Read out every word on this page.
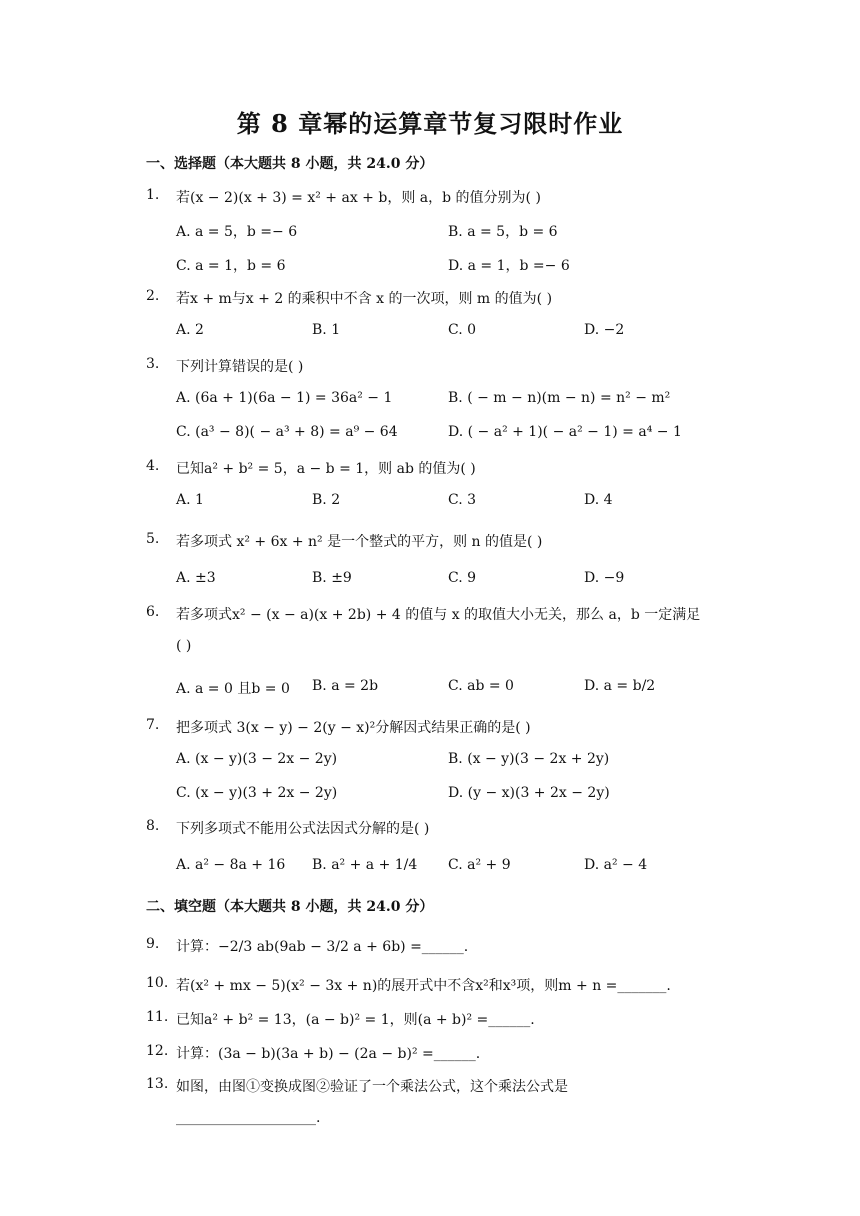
第 8 章幂的运算章节复习限时作业
一、选择题（本大题共 8 小题，共 24.0 分）
1. 若(x − 2)(x + 3) = x² + ax + b，则 a，b 的值分别为( )
A. a = 5，b =− 6	B. a = 5，b = 6
C. a = 1，b = 6	D. a = 1，b =− 6
2. 若x + m与x + 2 的乘积中不含 x 的一次项，则 m 的值为( )
A. 2	B. 1	C. 0	D. −2
3. 下列计算错误的是( )
A. (6a + 1)(6a − 1) = 36a² − 1	B. ( − m − n)(m − n) = n² − m²
C. (a³ − 8)( − a³ + 8) = a⁹ − 64	D. ( − a² + 1)( − a² − 1) = a⁴ − 1
4. 已知a² + b² = 5，a − b = 1，则 ab 的值为( )
A. 1	B. 2	C. 3	D. 4
5. 若多项式 x² + 6x + n² 是一个整式的平方，则 n 的值是( )
A. ±3	B. ±9	C. 9	D. −9
6. 若多项式x² − (x − a)(x + 2b) + 4 的值与 x 的取值大小无关，那么 a，b 一定满足
( )
A. a = 0 且b = 0 B. a = 2b	C. ab = 0	D. a = b/2
7. 把多项式 3(x − y) − 2(y − x)²分解因式结果正确的是( )
A. (x − y)(3 − 2x − 2y)	B. (x − y)(3 − 2x + 2y)
C. (x − y)(3 + 2x − 2y)	D. (y − x)(3 + 2x − 2y)
8. 下列多项式不能用公式法因式分解的是( )
A. a² − 8a + 16 B. a² + a + 1/4 C. a² + 9	D. a² − 4
二、填空题（本大题共 8 小题，共 24.0 分）
9. 计算：−2/3 ab(9ab − 3/2 a + 6b) =______.
10. 若(x² + mx − 5)(x² − 3x + n)的展开式中不含x²和x³项，则m + n =_______.
11. 已知a² + b² = 13，(a − b)² = 1，则(a + b)² =______.
12. 计算：(3a − b)(3a + b) − (2a − b)² =______.
13. 如图，由图①变换成图②验证了一个乘法公式，这个乘法公式是
____________________.
